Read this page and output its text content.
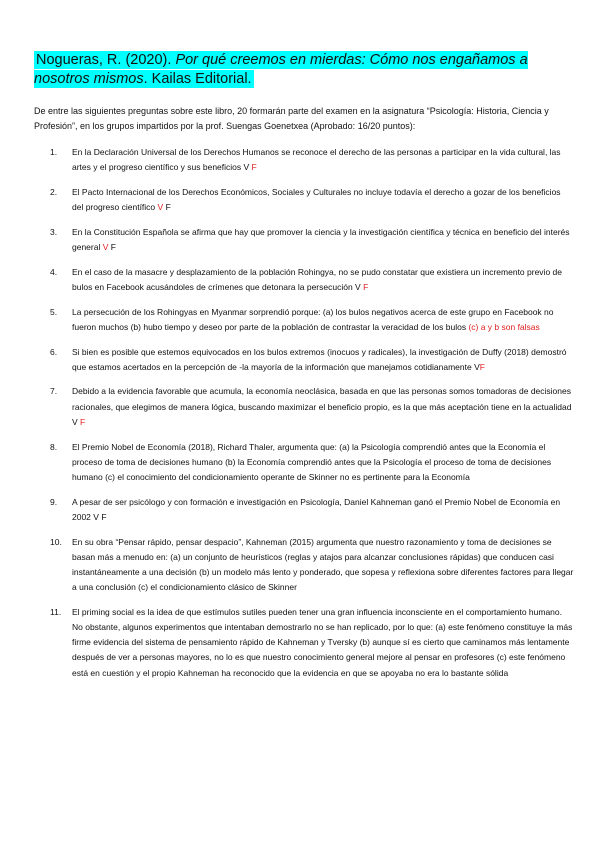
Nogueras, R. (2020). Por qué creemos en mierdas: Cómo nos engañamos a nosotros mismos. Kailas Editorial.
De entre las siguientes preguntas sobre este libro, 20 formarán parte del examen en la asignatura “Psicología: Historia, Ciencia y Profesión”, en los grupos impartidos por la prof. Suengas Goenetxea (Aprobado: 16/20 puntos):
1. En la Declaración Universal de los Derechos Humanos se reconoce el derecho de las personas a participar en la vida cultural, las artes y el progreso científico y sus beneficios V F
2. El Pacto Internacional de los Derechos Económicos, Sociales y Culturales no incluye todavía el derecho a gozar de los beneficios del progreso científico V F
3. En la Constitución Española se afirma que hay que promover la ciencia y la investigación científica y técnica en beneficio del interés general V F
4. En el caso de la masacre y desplazamiento de la población Rohingya, no se pudo constatar que existiera un incremento previo de bulos en Facebook acusándoles de crímenes que detonara la persecución V F
5. La persecución de los Rohingyas en Myanmar sorprendió porque: (a) los bulos negativos acerca de este grupo en Facebook no fueron muchos (b) hubo tiempo y deseo por parte de la población de contrastar la veracidad de los bulos (c) a y b son falsas
6. Si bien es posible que estemos equivocados en los bulos extremos (inocuos y radicales), la investigación de Duffy (2018) demostró que estamos acertados en la percepción de -la mayoría de la información que manejamos cotidianamente VF
7. Debido a la evidencia favorable que acumula, la economía neoclásica, basada en que las personas somos tomadoras de decisiones racionales, que elegimos de manera lógica, buscando maximizar el beneficio propio, es la que más aceptación tiene en la actualidad V F
8. El Premio Nobel de Economía (2018), Richard Thaler, argumenta que: (a) la Psicología comprendió antes que la Economía el proceso de toma de decisiones humano (b) la Economía comprendió antes que la Psicología el proceso de toma de decisiones humano (c) el conocimiento del condicionamiento operante de Skinner no es pertinente para la Economía
9. A pesar de ser psicólogo y con formación e investigación en Psicología, Daniel Kahneman ganó el Premio Nobel de Economía en 2002 V F
10. En su obra “Pensar rápido, pensar despacio”, Kahneman (2015) argumenta que nuestro razonamiento y toma de decisiones se basan más a menudo en: (a) un conjunto de heurísticos (reglas y atajos para alcanzar conclusiones rápidas) que conducen casi instantáneamente a una decisión (b) un modelo más lento y ponderado, que sopesa y reflexiona sobre diferentes factores para llegar a una conclusión (c) el condicionamiento clásico de Skinner
11. El priming social es la idea de que estímulos sutiles pueden tener una gran influencia inconsciente en el comportamiento humano. No obstante, algunos experimentos que intentaban demostrarlo no se han replicado, por lo que: (a) este fenómeno constituye la más firme evidencia del sistema de pensamiento rápido de Kahneman y Tversky (b) aunque sí es cierto que caminamos más lentamente después de ver a personas mayores, no lo es que nuestro conocimiento general mejore al pensar en profesores (c) este fenómeno está en cuestión y el propio Kahneman ha reconocido que la evidencia en que se apoyaba no era lo bastante sólida
